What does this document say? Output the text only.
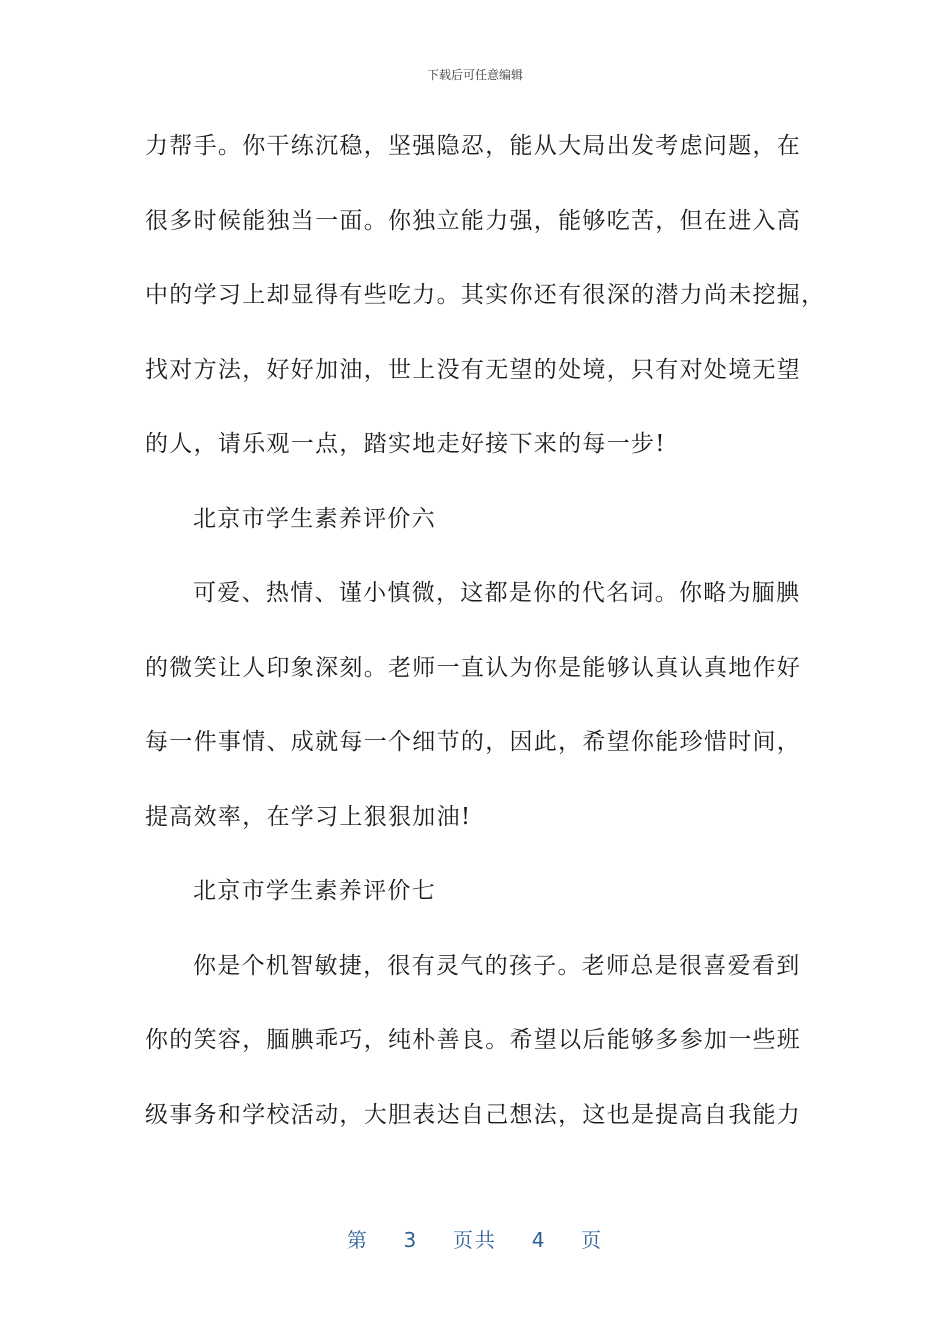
下载后可任意编辑
力帮手。你干练沉稳，坚强隐忍，能从大局出发考虑问题，在
很多时候能独当一面。你独立能力强，能够吃苦，但在进入高
中的学习上却显得有些吃力。其实你还有很深的潜力尚未挖掘，
找对方法，好好加油，世上没有无望的处境，只有对处境无望
的人，请乐观一点，踏实地走好接下来的每一步!
北京市学生素养评价六
可爱、热情、谨小慎微，这都是你的代名词。你略为腼腆
的微笑让人印象深刻。老师一直认为你是能够认真认真地作好
每一件事情、成就每一个细节的，因此，希望你能珍惜时间，
提高效率，在学习上狠狠加油!
北京市学生素养评价七
你是个机智敏捷，很有灵气的孩子。老师总是很喜爱看到
你的笑容，腼腆乖巧，纯朴善良。希望以后能够多参加一些班
级事务和学校活动，大胆表达自己想法，这也是提高自我能力
第 3 页共 4 页
